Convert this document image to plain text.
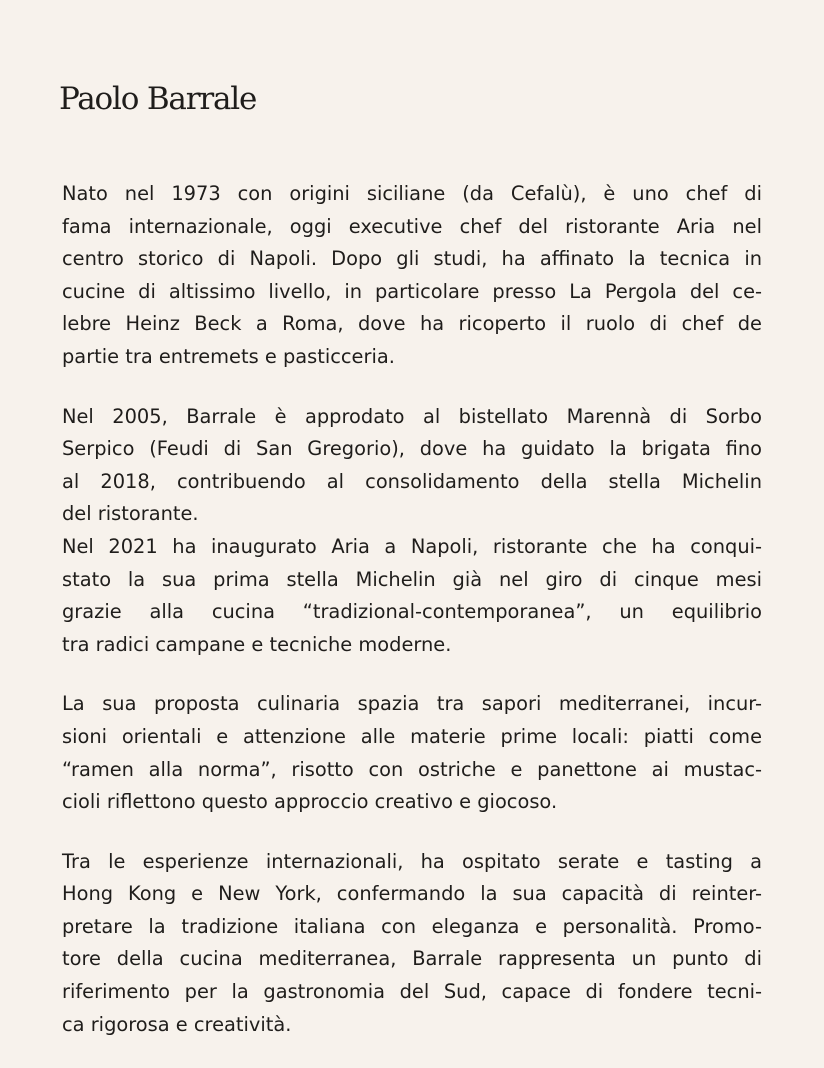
Paolo Barrale

Nato nel 1973 con origini siciliane (da Cefalù), è uno chef di
fama internazionale, oggi executive chef del ristorante Aria nel
centro storico di Napoli. Dopo gli studi, ha affinato la tecnica in
cucine di altissimo livello, in particolare presso La Pergola del ce-
lebre Heinz Beck a Roma, dove ha ricoperto il ruolo di chef de
partie tra entremets e pasticceria.

Nel 2005, Barrale è approdato al bistellato Marennà di Sorbo
Serpico (Feudi di San Gregorio), dove ha guidato la brigata fino
al 2018, contribuendo al consolidamento della stella Michelin
del ristorante.
Nel 2021 ha inaugurato Aria a Napoli, ristorante che ha conqui-
stato la sua prima stella Michelin già nel giro di cinque mesi
grazie alla cucina “tradizional-contemporanea”, un equilibrio
tra radici campane e tecniche moderne.

La sua proposta culinaria spazia tra sapori mediterranei, incur-
sioni orientali e attenzione alle materie prime locali: piatti come
“ramen alla norma”, risotto con ostriche e panettone ai mustac-
cioli riflettono questo approccio creativo e giocoso.

Tra le esperienze internazionali, ha ospitato serate e tasting a
Hong Kong e New York, confermando la sua capacità di reinter-
pretare la tradizione italiana con eleganza e personalità. Promo-
tore della cucina mediterranea, Barrale rappresenta un punto di
riferimento per la gastronomia del Sud, capace di fondere tecni-
ca rigorosa e creatività.
